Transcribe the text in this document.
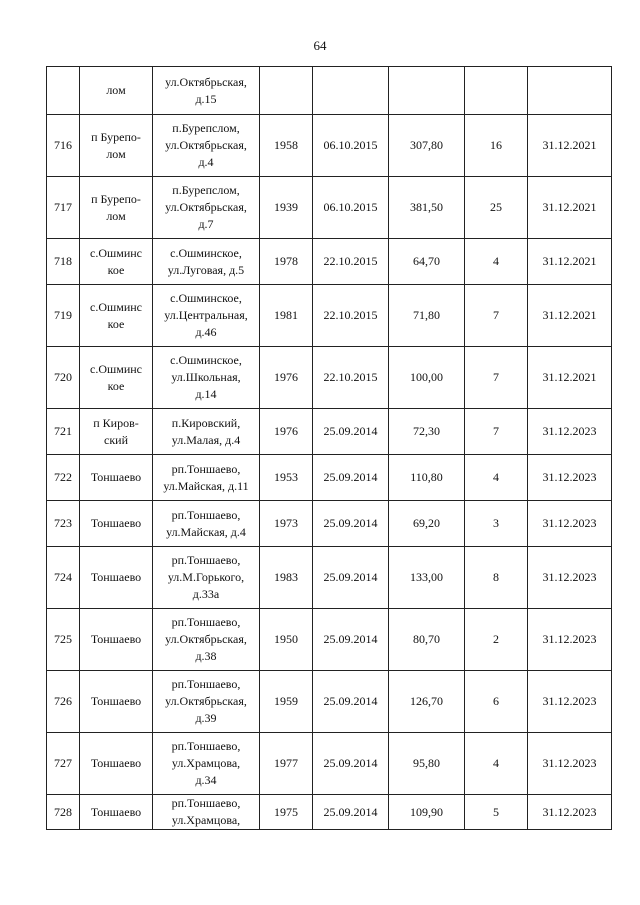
64

	лом	ул.Октябрьская,
д.15					

716	п Бурепо-
лом	п.Бурепслом,
ул.Октябрьская,
д.4	1958	06.10.2015	307,80	16	31.12.2021
717	п Бурепо-
лом	п.Бурепслом,
ул.Октябрьская,
д.7	1939	06.10.2015	381,50	25	31.12.2021
718	с.Ошминс
кое	с.Ошминское,
ул.Луговая, д.5	1978	22.10.2015	64,70	4	31.12.2021
719	с.Ошминс
кое	с.Ошминское,
ул.Центральная,
д.46	1981	22.10.2015	71,80	7	31.12.2021
720	с.Ошминс
кое	с.Ошминское,
ул.Школьная,
д.14	1976	22.10.2015	100,00	7	31.12.2021
721	п Киров-
ский	п.Кировский,
ул.Малая, д.4	1976	25.09.2014	72,30	7	31.12.2023
722	Тоншаево	рп.Тоншаево,
ул.Майская, д.11	1953	25.09.2014	110,80	4	31.12.2023
723	Тоншаево	рп.Тоншаево,
ул.Майская, д.4	1973	25.09.2014	69,20	3	31.12.2023
724	Тоншаево	рп.Тоншаево,
ул.М.Горького,
д.33а	1983	25.09.2014	133,00	8	31.12.2023
725	Тоншаево	рп.Тоншаево,
ул.Октябрьская,
д.38	1950	25.09.2014	80,70	2	31.12.2023
726	Тоншаево	рп.Тоншаево,
ул.Октябрьская,
д.39	1959	25.09.2014	126,70	6	31.12.2023
727	Тоншаево	рп.Тоншаево,
ул.Храмцова,
д.34	1977	25.09.2014	95,80	4	31.12.2023
728	Тоншаево	рп.Тоншаево,
ул.Храмцова,	1975	25.09.2014	109,90	5	31.12.2023
